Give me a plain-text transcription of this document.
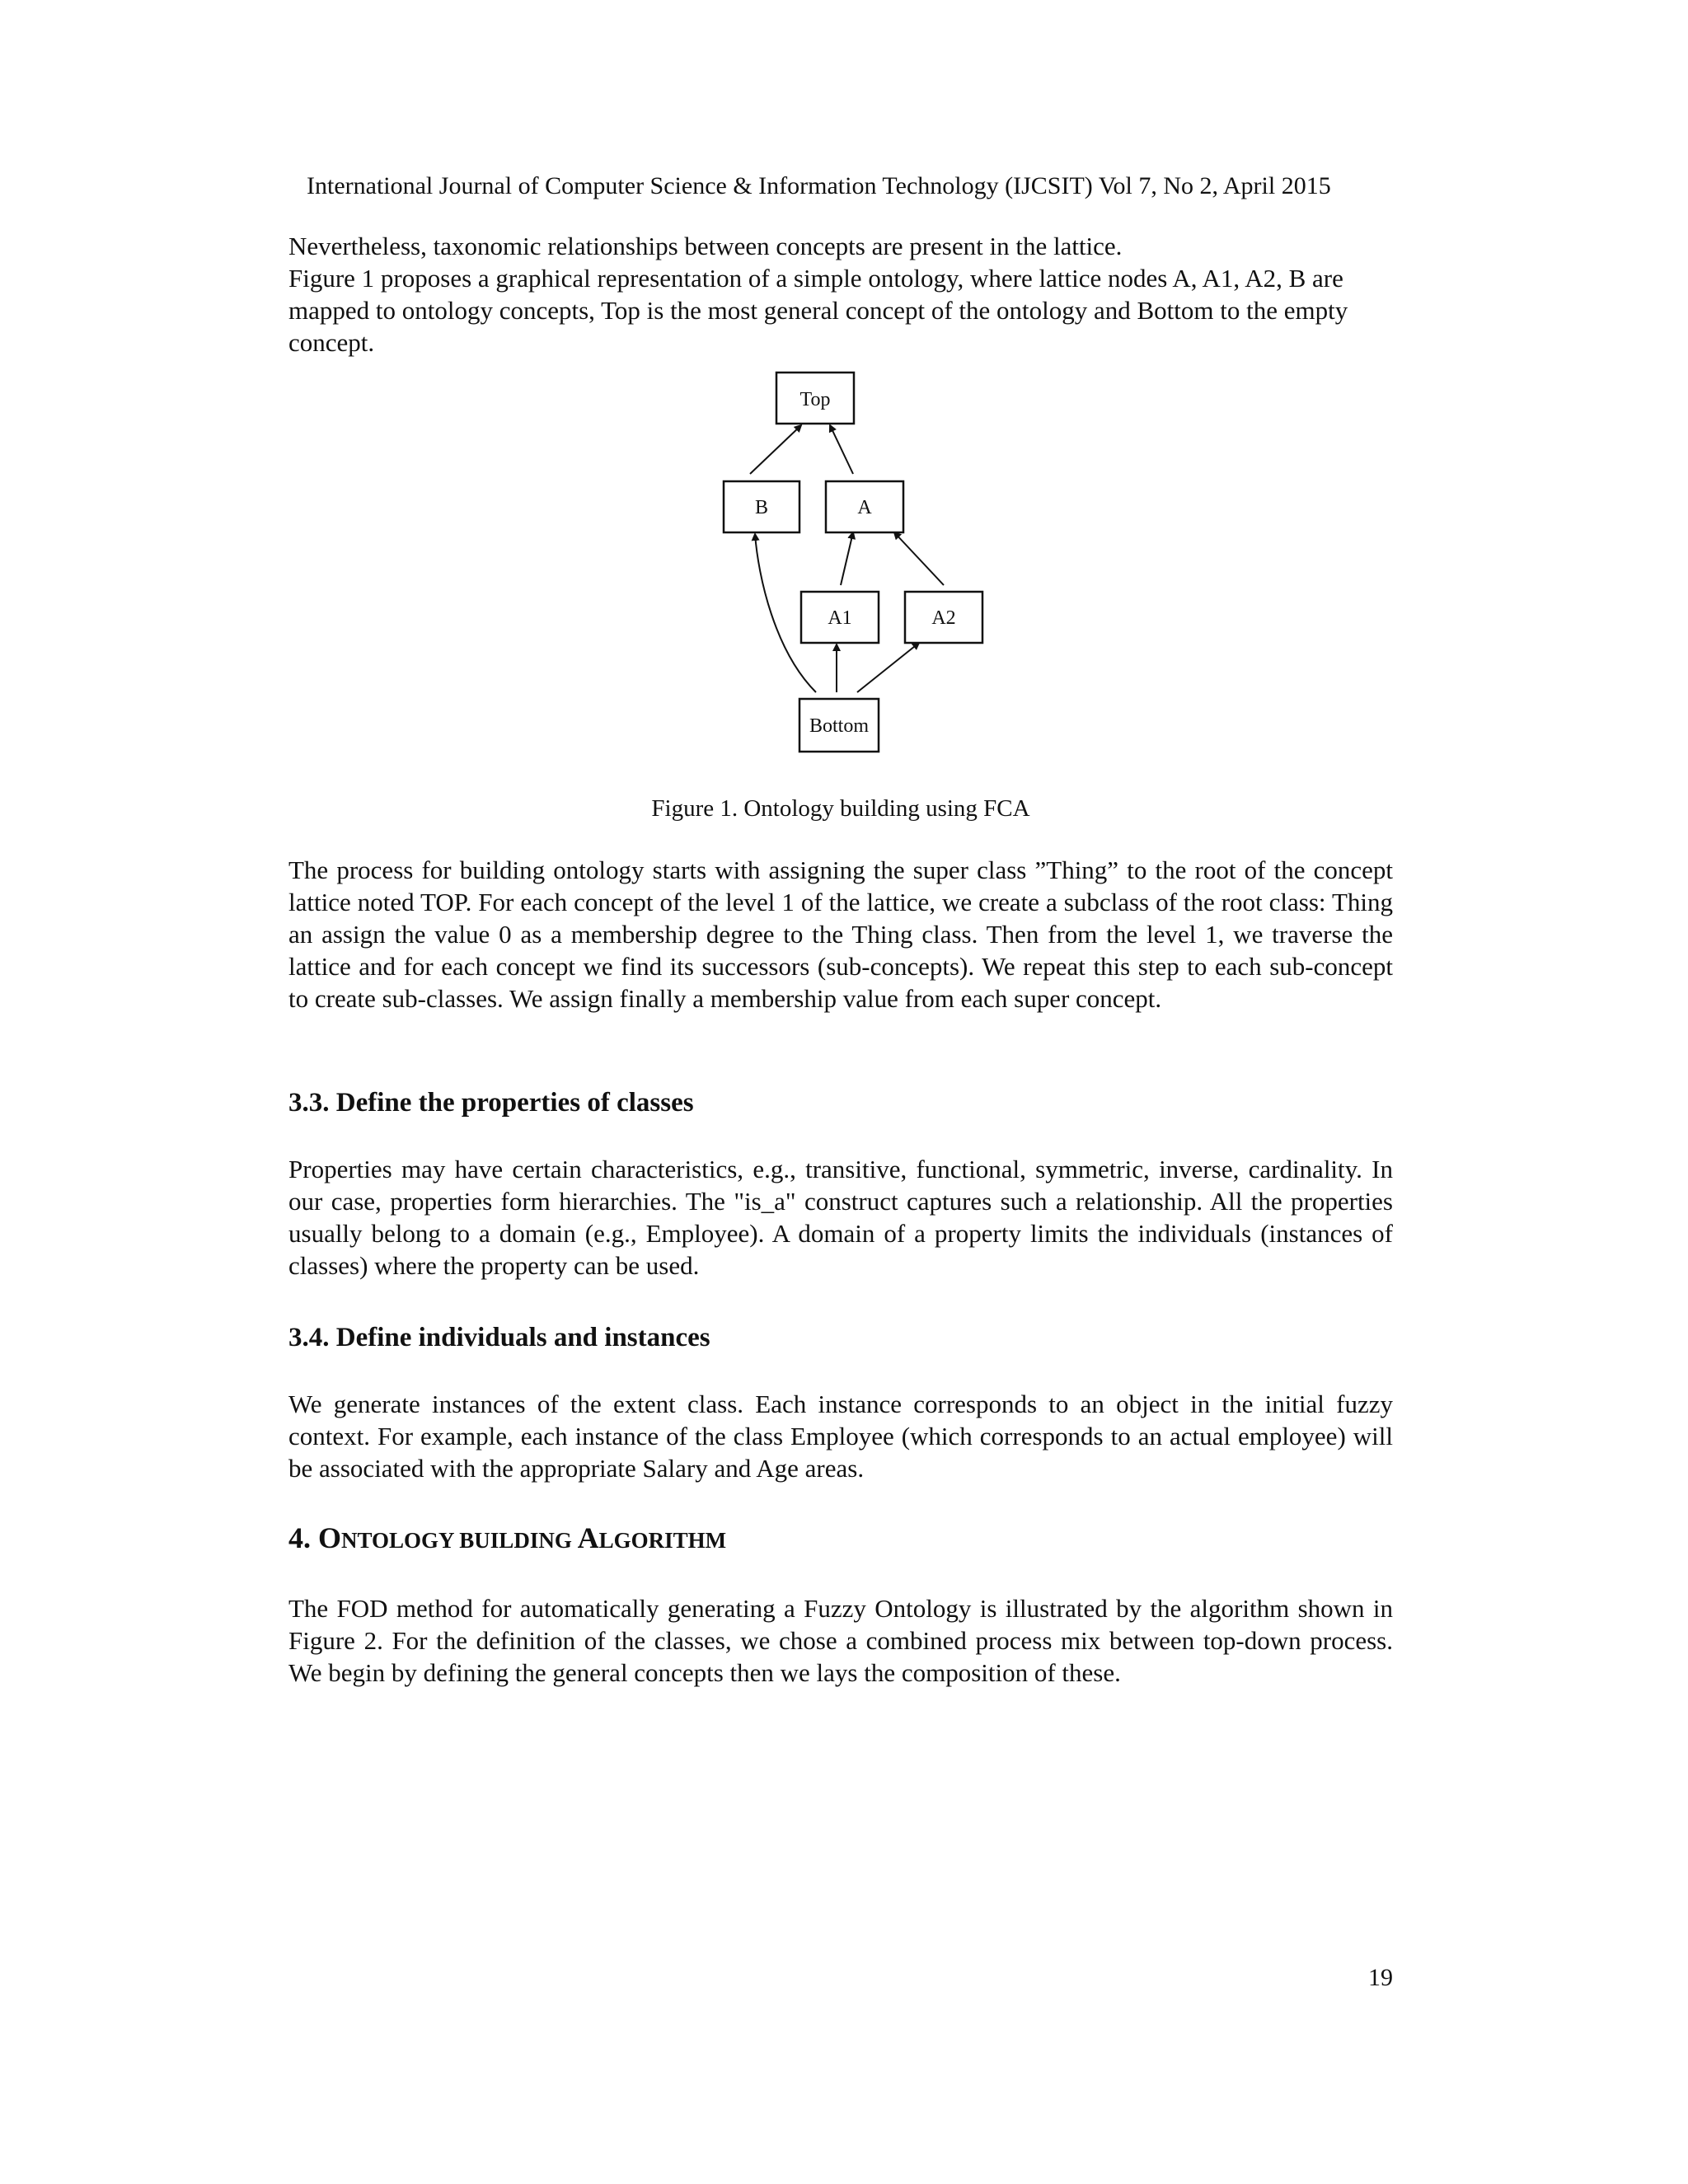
International Journal of Computer Science & Information Technology (IJCSIT) Vol 7, No 2, April 2015

Nevertheless, taxonomic relationships between concepts are present in the lattice.

Figure 1 proposes a graphical representation of a simple ontology, where lattice nodes A, A1, A2, B are mapped to ontology concepts, Top is the most general concept of the ontology and Bottom to the empty concept.

Top
B	A
A1	A2
Bottom
Figure 1. Ontology building using FCA

The process for building ontology starts with assigning the super class ”Thing” to the root of the concept lattice noted TOP. For each concept of the level 1 of the lattice, we create a subclass of the root class: Thing an assign the value 0 as a membership degree to the Thing class. Then from the level 1, we traverse the lattice and for each concept we find its successors (sub-concepts). We repeat this step to each sub-concept to create sub-classes. We assign finally a membership value from each super concept.

3.3. Define the properties of classes

Properties may have certain characteristics, e.g., transitive, functional, symmetric, inverse, cardinality. In our case, properties form hierarchies. The "is_a" construct captures such a relationship. All the properties usually belong to a domain (e.g., Employee). A domain of a property limits the individuals (instances of classes) where the property can be used.

3.4. Define individuals and instances

We generate instances of the extent class. Each instance corresponds to an object in the initial fuzzy context. For example, each instance of the class Employee (which corresponds to an actual employee) will be associated with the appropriate Salary and Age areas.

4. ONTOLOGY BUILDING ALGORITHM

The FOD method for automatically generating a Fuzzy Ontology is illustrated by the algorithm shown in Figure 2. For the definition of the classes, we chose a combined process mix between top-down process. We begin by defining the general concepts then we lays the composition of these.

19
